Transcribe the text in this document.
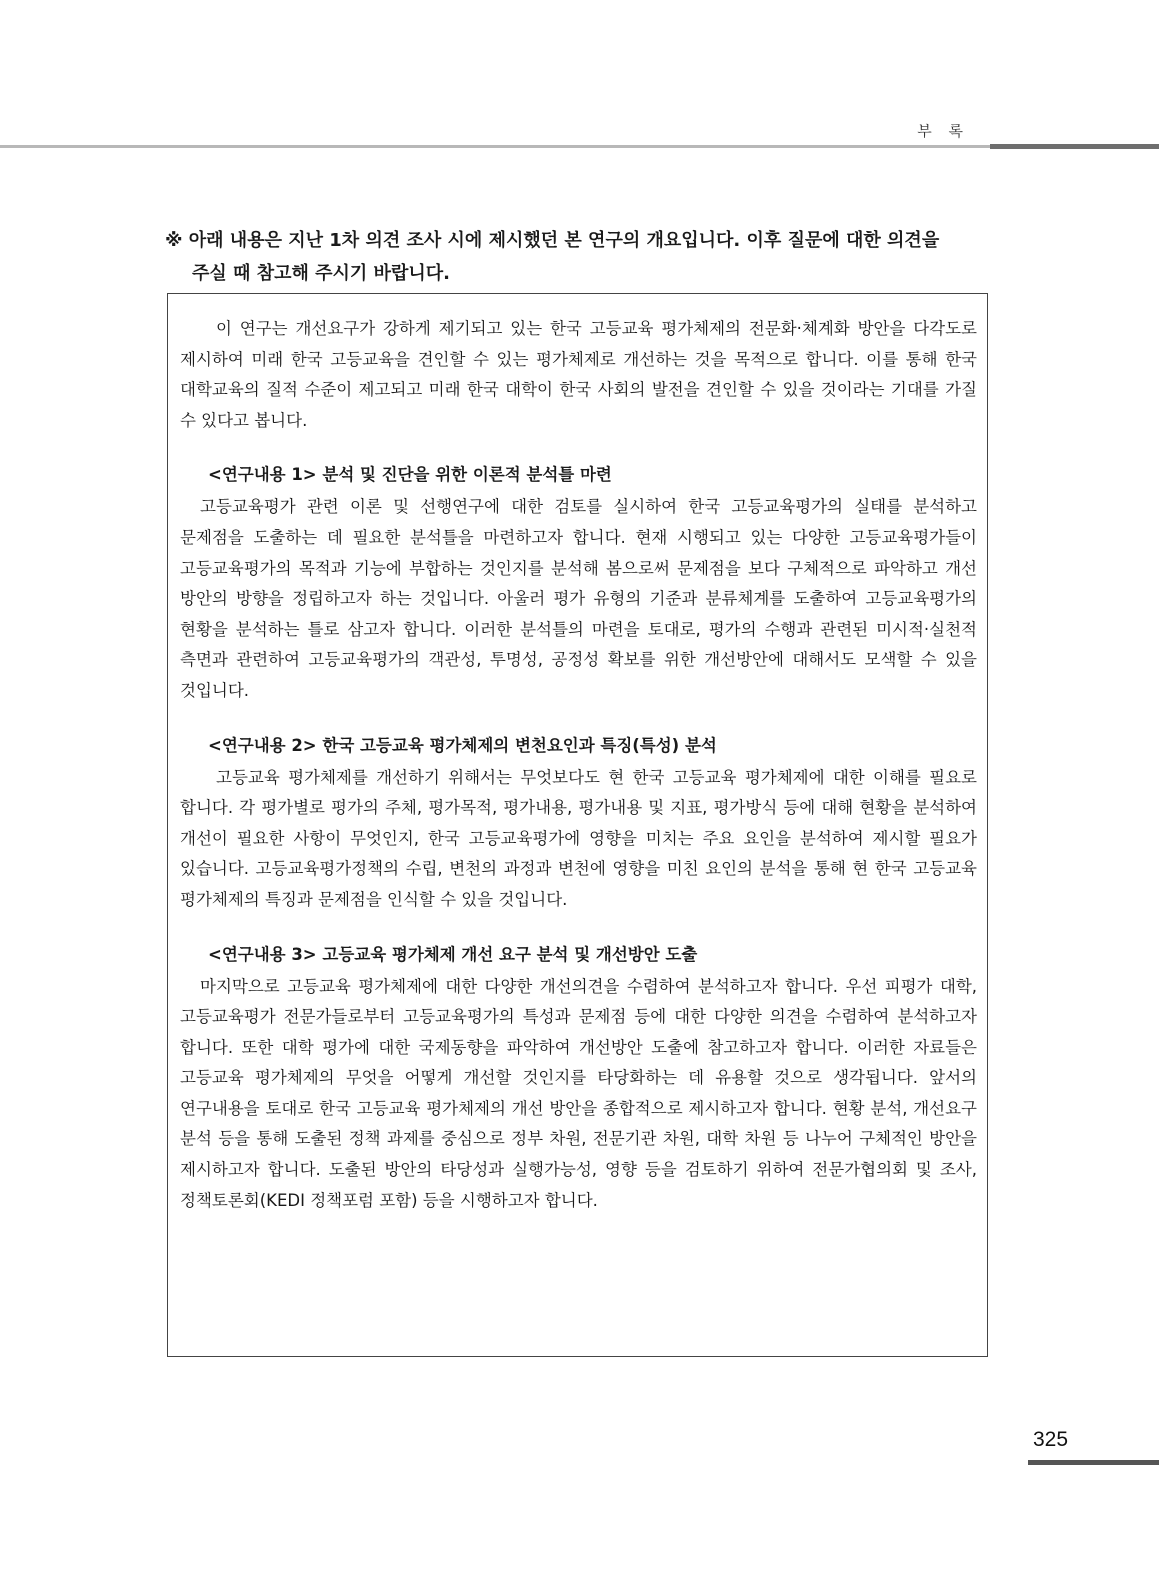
부 록
※ 아래 내용은 지난 1차 의견 조사 시에 제시했던 본 연구의 개요입니다. 이후 질문에 대한 의견을
주실 때 참고해 주시기 바랍니다.

이 연구는 개선요구가 강하게 제기되고 있는 한국 고등교육 평가체제의 전문화·체계화 방안을 다각도로 제시하여 미래 한국 고등교육을 견인할 수 있는 평가체제로 개선하는 것을 목적으로 합니다. 이를 통해 한국 대학교육의 질적 수준이 제고되고 미래 한국 대학이 한국 사회의 발전을 견인할 수 있을 것이라는 기대를 가질 수 있다고 봅니다.

<연구내용 1> 분석 및 진단을 위한 이론적 분석틀 마련

고등교육평가 관련 이론 및 선행연구에 대한 검토를 실시하여 한국 고등교육평가의 실태를 분석하고 문제점을 도출하는 데 필요한 분석틀을 마련하고자 합니다. 현재 시행되고 있는 다양한 고등교육평가들이 고등교육평가의 목적과 기능에 부합하는 것인지를 분석해 봄으로써 문제점을 보다 구체적으로 파악하고 개선 방안의 방향을 정립하고자 하는 것입니다. 아울러 평가 유형의 기준과 분류체계를 도출하여 고등교육평가의 현황을 분석하는 틀로 삼고자 합니다. 이러한 분석틀의 마련을 토대로, 평가의 수행과 관련된 미시적·실천적 측면과 관련하여 고등교육평가의 객관성, 투명성, 공정성 확보를 위한 개선방안에 대해서도 모색할 수 있을 것입니다.

<연구내용 2> 한국 고등교육 평가체제의 변천요인과 특징(특성) 분석

고등교육 평가체제를 개선하기 위해서는 무엇보다도 현 한국 고등교육 평가체제에 대한 이해를 필요로 합니다. 각 평가별로 평가의 주체, 평가목적, 평가내용, 평가내용 및 지표, 평가방식 등에 대해 현황을 분석하여 개선이 필요한 사항이 무엇인지, 한국 고등교육평가에 영향을 미치는 주요 요인을 분석하여 제시할 필요가 있습니다. 고등교육평가정책의 수립, 변천의 과정과 변천에 영향을 미친 요인의 분석을 통해 현 한국 고등교육 평가체제의 특징과 문제점을 인식할 수 있을 것입니다.

<연구내용 3> 고등교육 평가체제 개선 요구 분석 및 개선방안 도출

마지막으로 고등교육 평가체제에 대한 다양한 개선의견을 수렴하여 분석하고자 합니다. 우선 피평가 대학, 고등교육평가 전문가들로부터 고등교육평가의 특성과 문제점 등에 대한 다양한 의견을 수렴하여 분석하고자 합니다. 또한 대학 평가에 대한 국제동향을 파악하여 개선방안 도출에 참고하고자 합니다. 이러한 자료들은 고등교육 평가체제의 무엇을 어떻게 개선할 것인지를 타당화하는 데 유용할 것으로 생각됩니다. 앞서의 연구내용을 토대로 한국 고등교육 평가체제의 개선 방안을 종합적으로 제시하고자 합니다. 현황 분석, 개선요구 분석 등을 통해 도출된 정책 과제를 중심으로 정부 차원, 전문기관 차원, 대학 차원 등 나누어 구체적인 방안을 제시하고자 합니다. 도출된 방안의 타당성과 실행가능성, 영향 등을 검토하기 위하여 전문가협의회 및 조사, 정책토론회(KEDI 정책포럼 포함) 등을 시행하고자 합니다.

325
